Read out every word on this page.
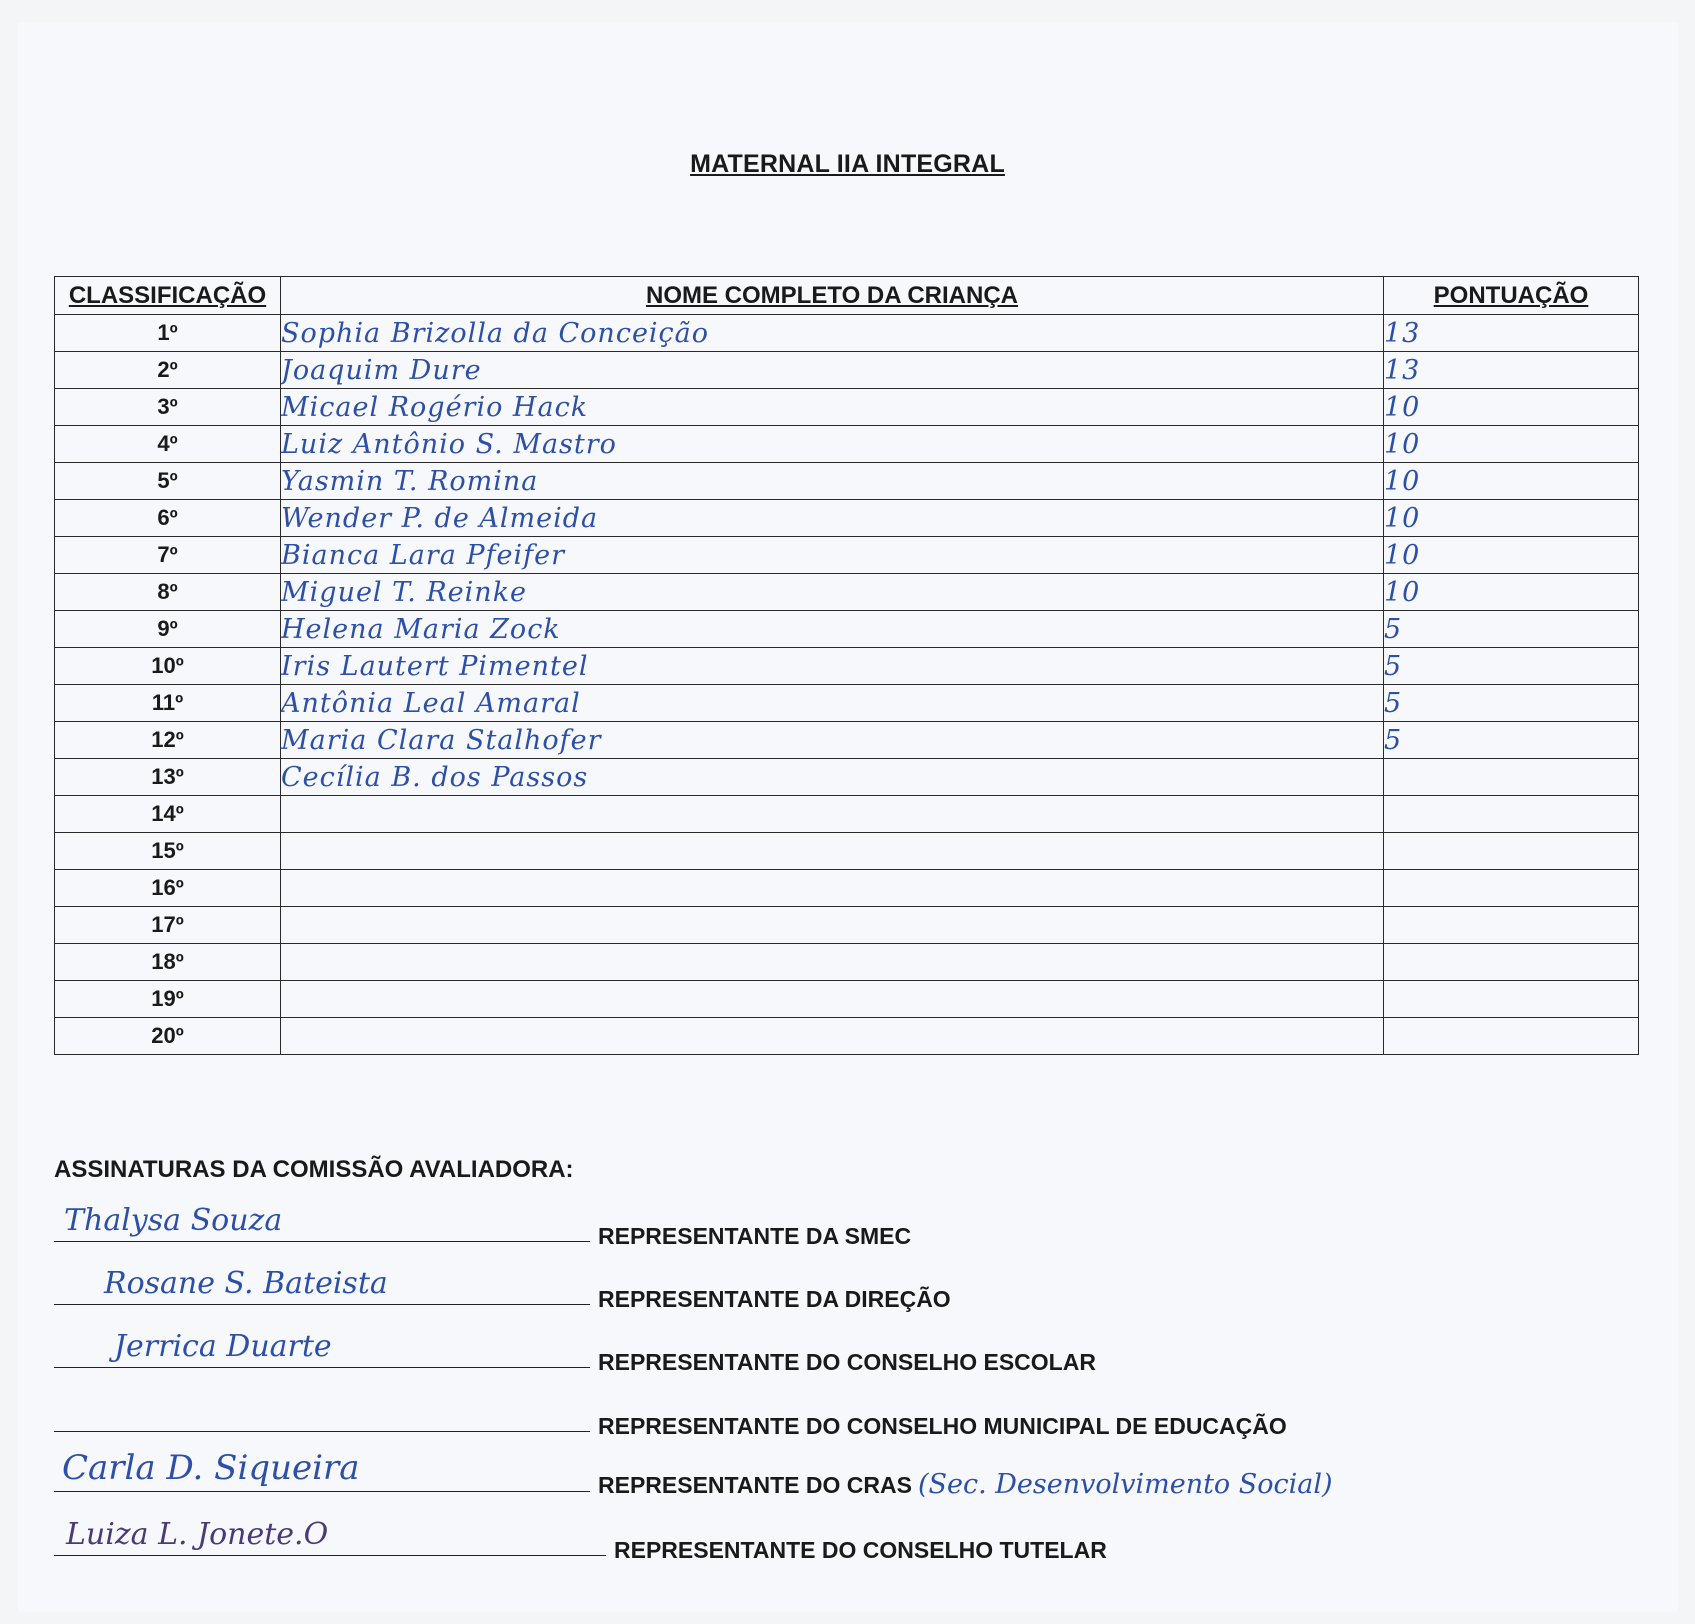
MATERNAL IIA INTEGRAL
CLASSIFICAÇÃO	NOME COMPLETO DA CRIANÇA	PONTUAÇÃO
1º	Sophia Brizolla da Conceição	13
2º	Joaquim Dure	13
3º	Micael Rogério Hack	10
4º	Luiz Antônio S. Mastro	10
5º	Yasmin T. Romina	10
6º	Wender P. de Almeida	10
7º	Bianca Lara Pfeifer	10
8º	Miguel T. Reinke	10
9º	Helena Maria Zock	5
10º	Iris Lautert Pimentel	5
11º	Antônia Leal Amaral	5
12º	Maria Clara Stalhofer	5
13º	Cecília B. dos Passos	
14º		
15º		
16º		
17º		
18º		
19º		
20º		
ASSINATURAS DA COMISSÃO AVALIADORA:
Thalysa Souza	REPRESENTANTE DA SMEC
Rosane S. Bateista	REPRESENTANTE DA DIREÇÃO
Jerrica Duarte	REPRESENTANTE DO CONSELHO ESCOLAR
REPRESENTANTE DO CONSELHO MUNICIPAL DE EDUCAÇÃO
Carla D. Siqueira	REPRESENTANTE DO CRAS (Sec. Desenvolvimento Social)
Luiza L. Jonete.O	REPRESENTANTE DO CONSELHO TUTELAR
